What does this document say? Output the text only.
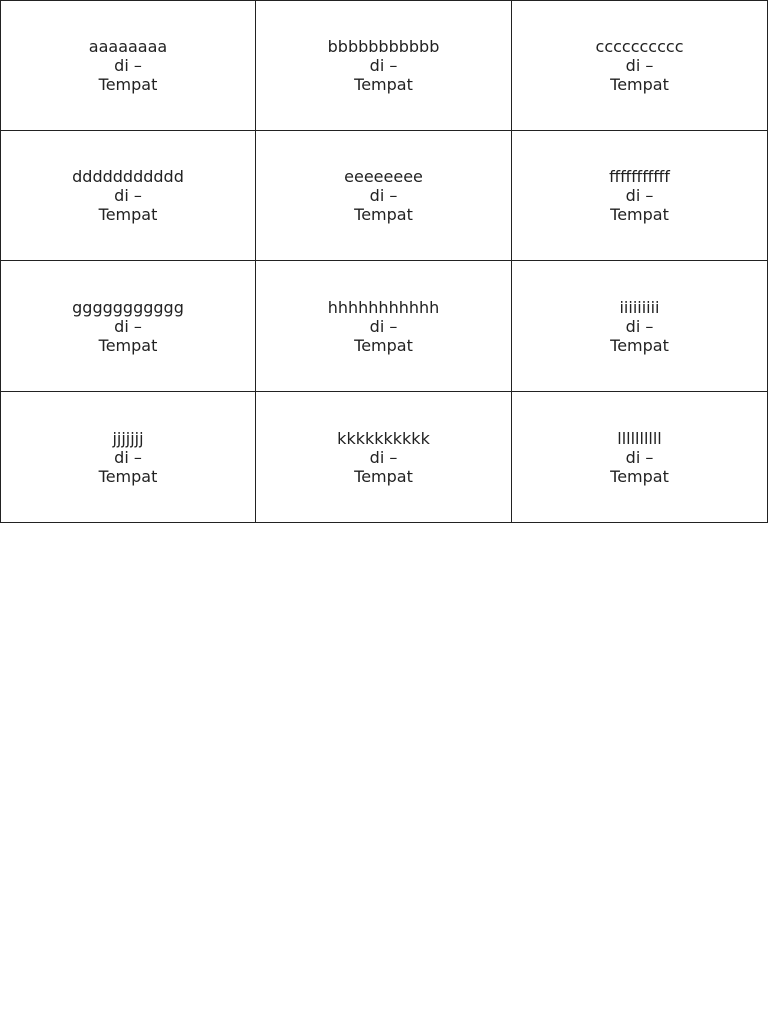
aaaaaaaa
di –
Tempat
bbbbbbbbbbb
di –
Tempat
cccccccccc
di –
Tempat
ddddddddddd
di –
Tempat
eeeeeeee
di –
Tempat
fffffffffff
di –
Tempat
ggggggggggg
di –
Tempat
hhhhhhhhhhh
di –
Tempat
iiiiiiiii
di –
Tempat
jjjjjjj
di –
Tempat
kkkkkkkkkk
di –
Tempat
llllllllll
di –
Tempat
